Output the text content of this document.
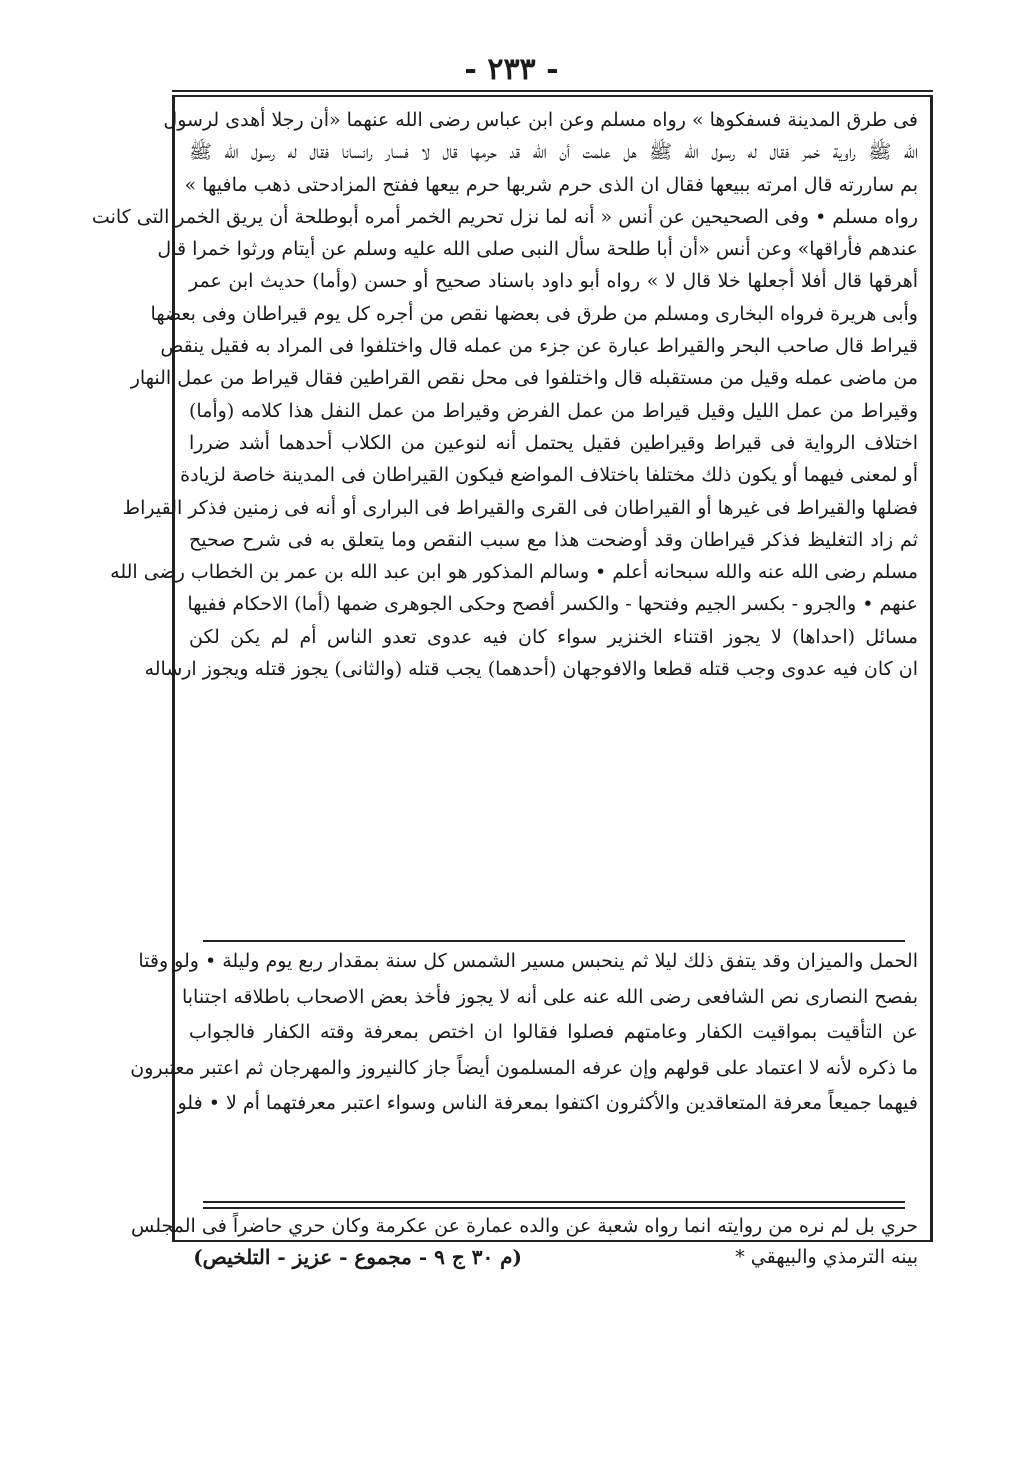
- ٢٣٣ -
فى طرق المدينة فسفكوها » رواه مسلم وعن ابن عباس رضى الله عنهما «أن رجلا أهدى لرسول
الله ﷺ راوية خمر فقال له رسول الله ﷺ هل علمت أن الله قد حرمها قال لا فسار رانسانا فقال له رسول الله ﷺ
بم ساررته قال امرته ببيعها فقال ان الذى حرم شربها حرم بيعها ففتح المزادحتى ذهب مافيها »
رواه مسلم • وفى الصحيحين عن أنس « أنه لما نزل تحريم الخمر أمره أبوطلحة أن يريق الخمر التى كانت
عندهم فأراقها» وعن أنس «أن أبا طلحة سأل النبى صلى الله عليه وسلم عن أيتام ورثوا خمرا قال
أهرقها قال أفلا أجعلها خلا قال لا » رواه أبو داود باسناد صحيح أو حسن (وأما) حديث ابن عمر
وأبى هريرة فرواه البخارى ومسلم من طرق فى بعضها نقص من أجره كل يوم قيراطان وفى بعضها
قيراط قال صاحب البحر والقيراط عبارة عن جزء من عمله قال واختلفوا فى المراد به فقيل ينقص
من ماضى عمله وقيل من مستقبله قال واختلفوا فى محل نقص القراطين فقال قيراط من عمل النهار
وقيراط من عمل الليل وقيل قيراط من عمل الفرض وقيراط من عمل النفل هذا كلامه (وأما)
اختلاف الرواية فى قيراط وقيراطين فقيل يحتمل أنه لنوعين من الكلاب أحدهما أشد ضررا
أو لمعنى فيهما أو يكون ذلك مختلفا باختلاف المواضع فيكون القيراطان فى المدينة خاصة لزيادة
فضلها والقيراط فى غيرها أو القيراطان فى القرى والقيراط فى البرارى أو أنه فى زمنين فذكر القيراط
ثم زاد التغليظ فذكر قيراطان وقد أوضحت هذا مع سبب النقص وما يتعلق به فى شرح صحيح
مسلم رضى الله عنه والله سبحانه أعلم • وسالم المذكور هو ابن عبد الله بن عمر بن الخطاب رضى الله
عنهم • والجرو - بكسر الجيم وفتحها - والكسر أفصح وحكى الجوهرى ضمها (أما) الاحكام ففيها
مسائل (احداها) لا يجوز اقتناء الخنزير سواء كان فيه عدوى تعدو الناس أم لم يكن لكن
ان كان فيه عدوى وجب قتله قطعا والافوجهان (أحدهما) يجب قتله (والثانى) يجوز قتله ويجوز ارساله
الحمل والميزان وقد يتفق ذلك ليلا ثم ينحبس مسير الشمس كل سنة بمقدار ربع يوم وليلة • ولو وقتا
بفصح النصارى نص الشافعى رضى الله عنه على أنه لا يجوز فأخذ بعض الاصحاب باطلاقه اجتنابا
عن التأقيت بمواقيت الكفار وعامتهم فصلوا فقالوا ان اختص بمعرفة وقته الكفار فالجواب
ما ذكره لأنه لا اعتماد على قولهم وإن عرفه المسلمون أيضاً جاز كالنيروز والمهرجان ثم اعتبر معتبرون
فيهما جميعاً معرفة المتعاقدين والأكثرون اكتفوا بمعرفة الناس وسواء اعتبر معرفتهما أم لا • فلو
حري بل لم نره من روايته انما رواه شعبة عن والده عمارة عن عكرمة وكان حري حاضراً فى المجلس
بينه الترمذي والبيهقي *
(م ٣٠ ج ٩ - مجموع - عزيز - التلخيص)
